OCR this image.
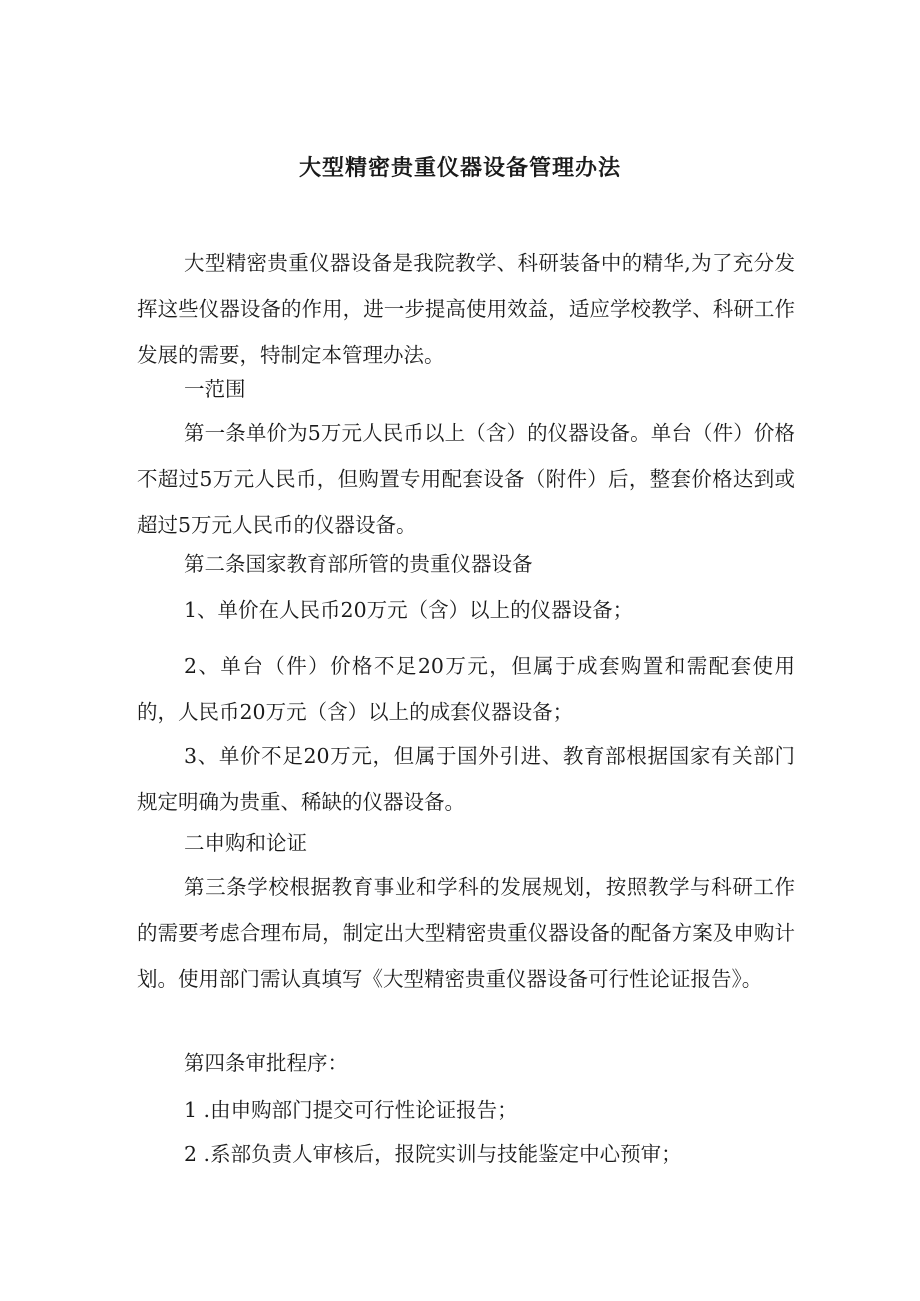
大型精密贵重仪器设备管理办法

大型精密贵重仪器设备是我院教学、科研装备中的精华,为了充分发挥这些仪器设备的作用，进一步提高使用效益，适应学校教学、科研工作发展的需要，特制定本管理办法。

一范围

第一条单价为5万元人民币以上（含）的仪器设备。单台（件）价格不超过5万元人民币，但购置专用配套设备（附件）后，整套价格达到或超过5万元人民币的仪器设备。

第二条国家教育部所管的贵重仪器设备

1、单价在人民币20万元（含）以上的仪器设备；

2、单台（件）价格不足20万元，但属于成套购置和需配套使用的，人民币20万元（含）以上的成套仪器设备；

3、单价不足20万元，但属于国外引进、教育部根据国家有关部门规定明确为贵重、稀缺的仪器设备。

二申购和论证

第三条学校根据教育事业和学科的发展规划，按照教学与科研工作的需要考虑合理布局，制定出大型精密贵重仪器设备的配备方案及申购计划。使用部门需认真填写《大型精密贵重仪器设备可行性论证报告》。

第四条审批程序：

1 .由申购部门提交可行性论证报告；

2 .系部负责人审核后，报院实训与技能鉴定中心预审；
